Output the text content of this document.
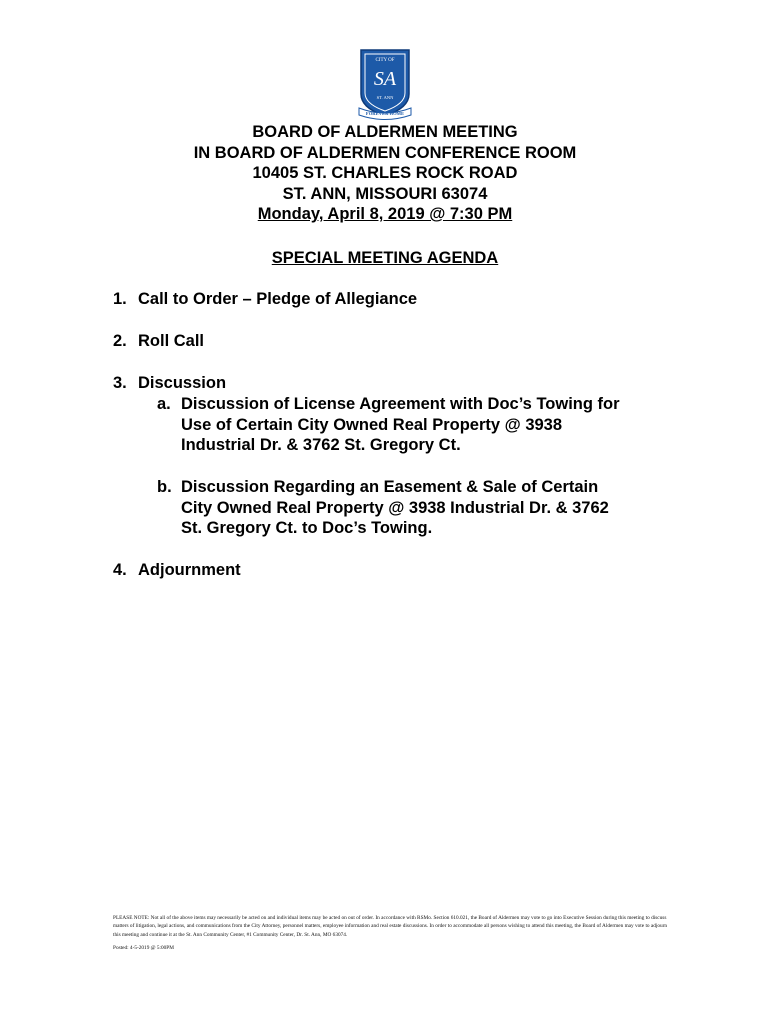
CITY OF
SA
ST. ANN
FOREVER HOME
BOARD OF ALDERMEN MEETING
IN BOARD OF ALDERMEN CONFERENCE ROOM
10405 ST. CHARLES ROCK ROAD
ST. ANN, MISSOURI 63074
Monday, April 8, 2019 @ 7:30 PM
SPECIAL MEETING AGENDA
1. Call to Order – Pledge of Allegiance
2. Roll Call
3. Discussion
a. Discussion of License Agreement with Doc’s Towing for
Use of Certain City Owned Real Property @ 3938
Industrial Dr. & 3762 St. Gregory Ct.
b. Discussion Regarding an Easement & Sale of Certain
City Owned Real Property @ 3938 Industrial Dr. & 3762
St. Gregory Ct. to Doc’s Towing.
4. Adjournment
PLEASE NOTE: Not all of the above items may necessarily be acted on and individual items may be acted on out of order. In accordance with RSMo. Section 610.021, the Board of Aldermen may vote to go into Executive Session during this meeting to discuss matters of litigation, legal actions, and communications from the City Attorney, personnel matters, employee information and real estate discussions. In order to accommodate all persons wishing to attend this meeting, the Board of Aldermen may vote to adjourn this meeting and continue it at the St. Ann Community Center, #1 Community Center, Dr. St. Ann, MO 63074.
Posted: 4-5-2019 @ 5:00PM
